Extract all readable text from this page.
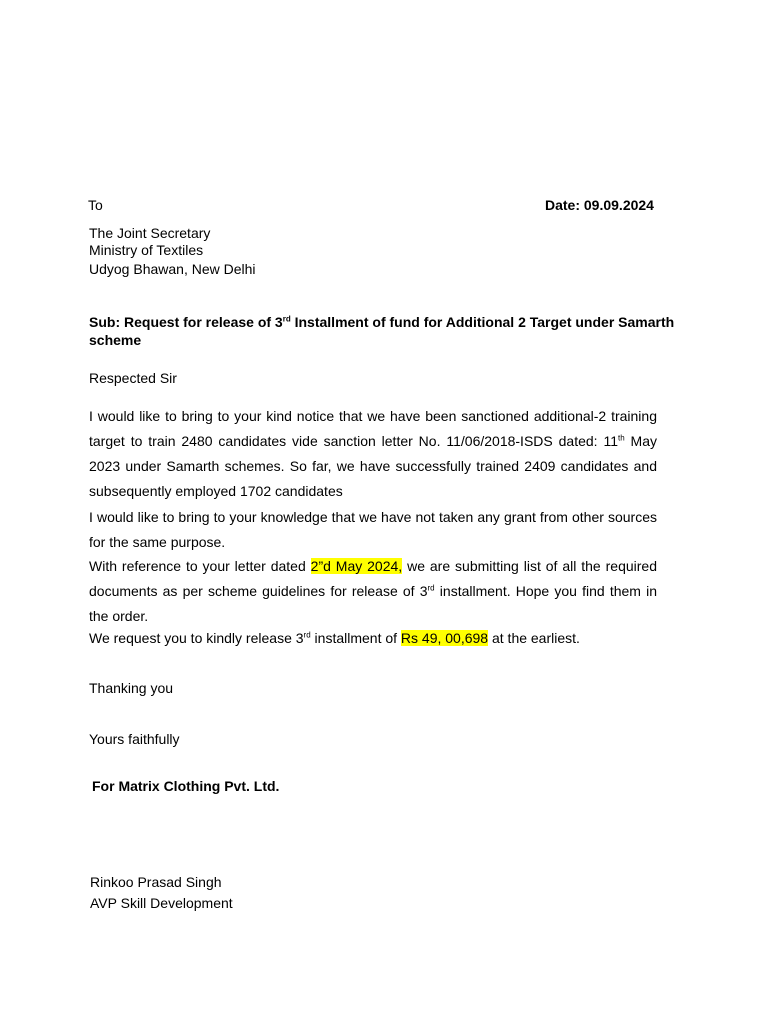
To	Date: 09.09.2024
The Joint Secretary
Ministry of Textiles
Udyog Bhawan, New Delhi
Sub: Request for release of 3rd Installment of fund for Additional 2 Target under Samarth scheme
Respected Sir
I would like to bring to your kind notice that we have been sanctioned additional-2 training target to train 2480 candidates vide sanction letter No. 11/06/2018-ISDS dated: 11th May 2023 under Samarth schemes. So far, we have successfully trained 2409 candidates and subsequently employed 1702 candidates
I would like to bring to your knowledge that we have not taken any grant from other sources for the same purpose.
With reference to your letter dated 2”d May 2024, we are submitting list of all the required documents as per scheme guidelines for release of 3rd installment. Hope you find them in the order.
We request you to kindly release 3rd installment of Rs 49, 00,698 at the earliest.
Thanking you
Yours faithfully
For Matrix Clothing Pvt. Ltd.
Rinkoo Prasad Singh
AVP Skill Development
